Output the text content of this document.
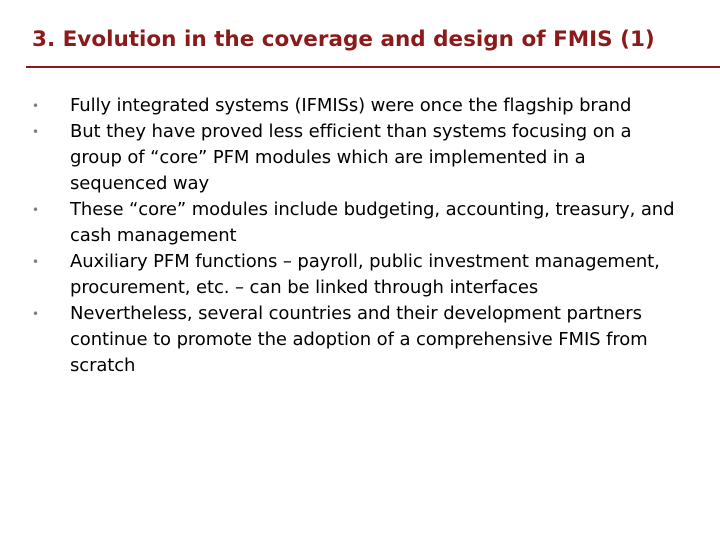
3. Evolution in the coverage and design of FMIS (1)
• Fully integrated systems (IFMISs) were once the flagship brand
• But they have proved less efficient than systems focusing on a group of “core” PFM modules which are implemented in a sequenced way
• These “core” modules include budgeting, accounting, treasury, and cash management
• Auxiliary PFM functions – payroll, public investment management, procurement, etc. – can be linked through interfaces
• Nevertheless, several countries and their development partners continue to promote the adoption of a comprehensive FMIS from scratch
